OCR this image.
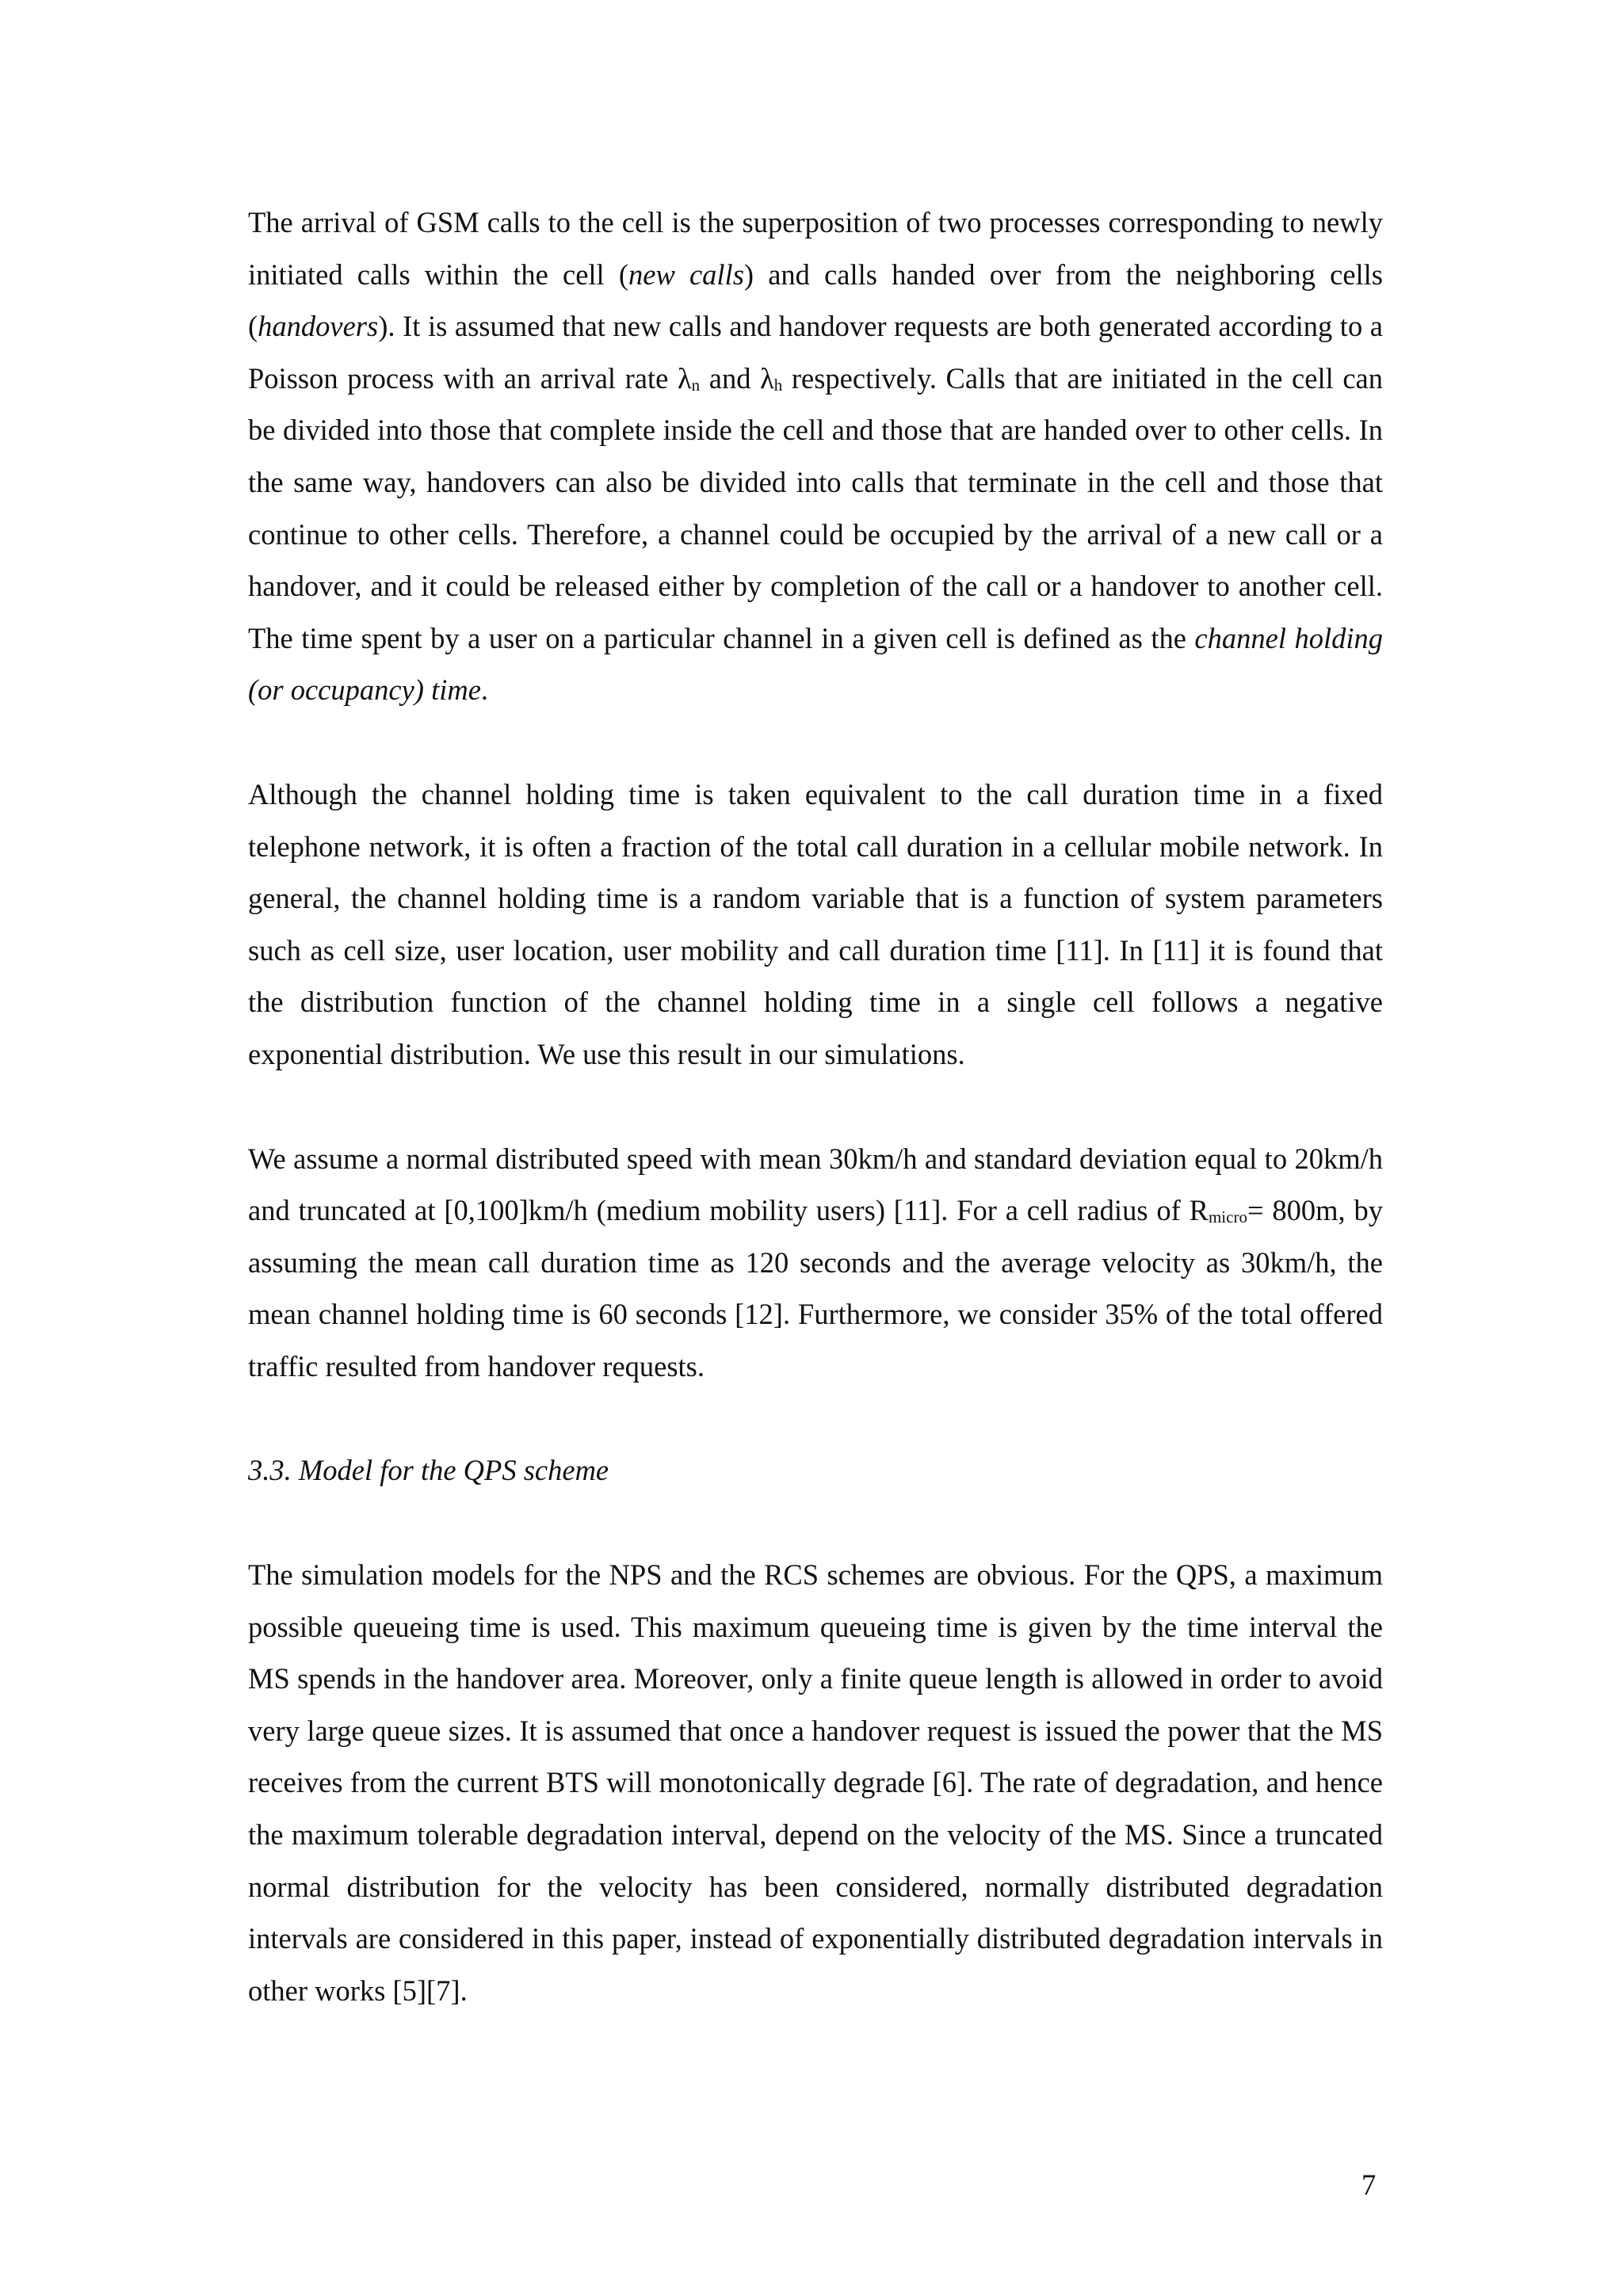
The arrival of GSM calls to the cell is the superposition of two processes corresponding to newly initiated calls within the cell (new calls) and calls handed over from the neighboring cells (handovers). It is assumed that new calls and handover requests are both generated according to a Poisson process with an arrival rate λn and λh respectively. Calls that are initiated in the cell can be divided into those that complete inside the cell and those that are handed over to other cells. In the same way, handovers can also be divided into calls that terminate in the cell and those that continue to other cells. Therefore, a channel could be occupied by the arrival of a new call or a handover, and it could be released either by completion of the call or a handover to another cell. The time spent by a user on a particular channel in a given cell is defined as the channel holding (or occupancy) time.

Although the channel holding time is taken equivalent to the call duration time in a fixed telephone network, it is often a fraction of the total call duration in a cellular mobile network. In general, the channel holding time is a random variable that is a function of system parameters such as cell size, user location, user mobility and call duration time [11]. In [11] it is found that the distribution function of the channel holding time in a single cell follows a negative exponential distribution. We use this result in our simulations.

We assume a normal distributed speed with mean 30km/h and standard deviation equal to 20km/h and truncated at [0,100]km/h (medium mobility users) [11]. For a cell radius of Rmicro= 800m, by assuming the mean call duration time as 120 seconds and the average velocity as 30km/h, the mean channel holding time is 60 seconds [12]. Furthermore, we consider 35% of the total offered traffic resulted from handover requests.

3.3. Model for the QPS scheme

The simulation models for the NPS and the RCS schemes are obvious. For the QPS, a maximum possible queueing time is used. This maximum queueing time is given by the time interval the MS spends in the handover area. Moreover, only a finite queue length is allowed in order to avoid very large queue sizes. It is assumed that once a handover request is issued the power that the MS receives from the current BTS will monotonically degrade [6]. The rate of degradation, and hence the maximum tolerable degradation interval, depend on the velocity of the MS. Since a truncated normal distribution for the velocity has been considered, normally distributed degradation intervals are considered in this paper, instead of exponentially distributed degradation intervals in other works [5][7].

7
